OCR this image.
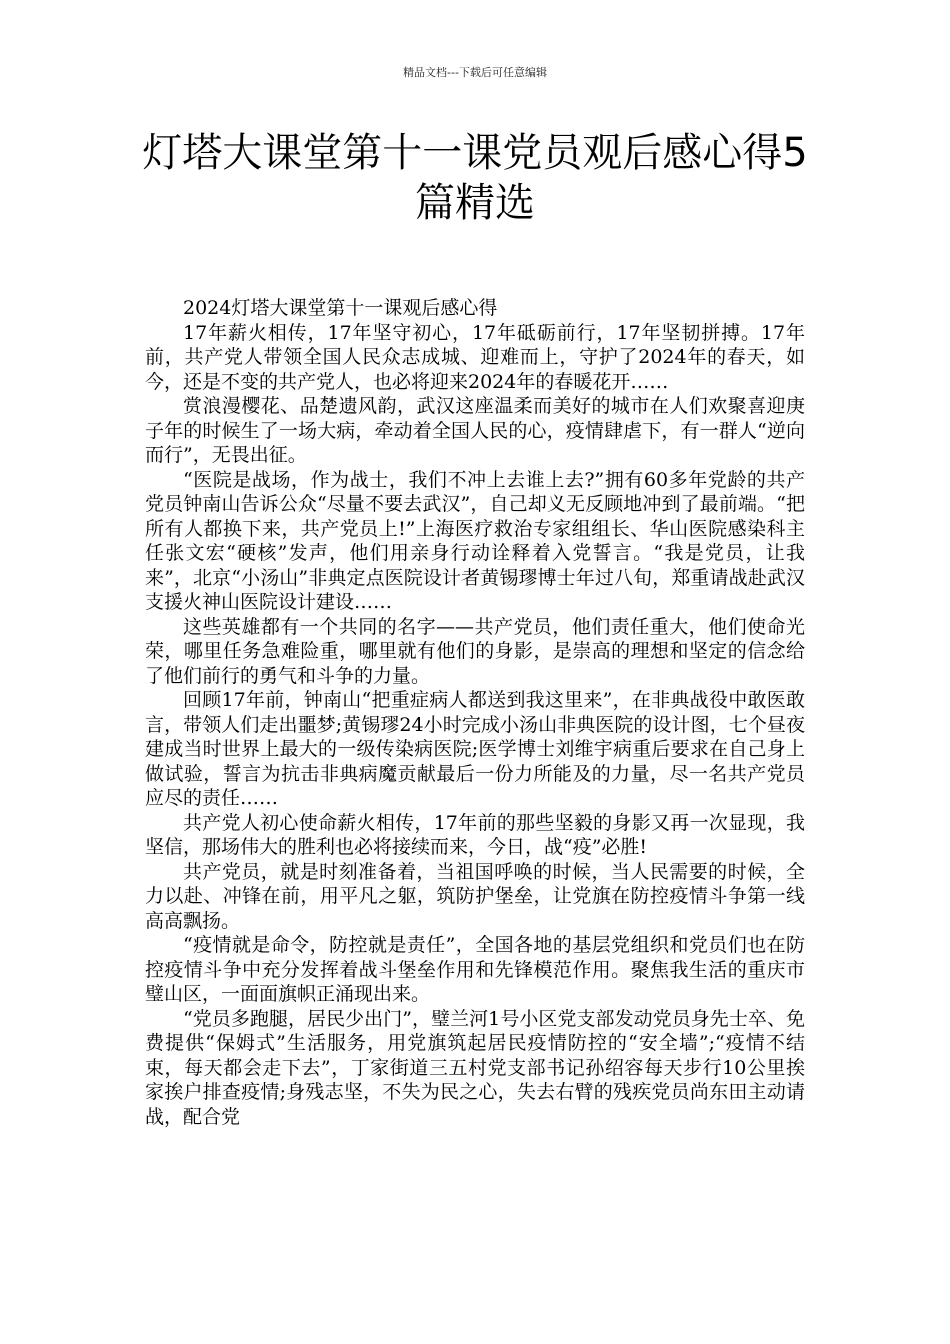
精品文档---下载后可任意编辑
灯塔大课堂第十一课党员观后感心得5篇精选

2024灯塔大课堂第十一课观后感心得

17年薪火相传，17年坚守初心，17年砥砺前行，17年坚韧拼搏。17年前，共产党人带领全国人民众志成城、迎难而上，守护了2024年的春天，如今，还是不变的共产党人，也必将迎来2024年的春暖花开……

赏浪漫樱花、品楚遗风韵，武汉这座温柔而美好的城市在人们欢聚喜迎庚子年的时候生了一场大病，牵动着全国人民的心，疫情肆虐下，有一群人“逆向而行”，无畏出征。

“医院是战场，作为战士，我们不冲上去谁上去?”拥有60多年党龄的共产党员钟南山告诉公众“尽量不要去武汉”，自己却义无反顾地冲到了最前端。“把所有人都换下来，共产党员上!”上海医疗救治专家组组长、华山医院感染科主任张文宏“硬核”发声，他们用亲身行动诠释着入党誓言。“我是党员，让我来”，北京“小汤山”非典定点医院设计者黄锡璆博士年过八旬，郑重请战赴武汉支援火神山医院设计建设……

这些英雄都有一个共同的名字——共产党员，他们责任重大，他们使命光荣，哪里任务急难险重，哪里就有他们的身影，是崇高的理想和坚定的信念给了他们前行的勇气和斗争的力量。

回顾17年前，钟南山“把重症病人都送到我这里来”，在非典战役中敢医敢言，带领人们走出噩梦;黄锡璆24小时完成小汤山非典医院的设计图，七个昼夜建成当时世界上最大的一级传染病医院;医学博士刘维宇病重后要求在自己身上做试验，誓言为抗击非典病魔贡献最后一份力所能及的力量，尽一名共产党员应尽的责任……

共产党人初心使命薪火相传，17年前的那些坚毅的身影又再一次显现，我坚信，那场伟大的胜利也必将接续而来，今日，战“疫”必胜!

共产党员，就是时刻准备着，当祖国呼唤的时候，当人民需要的时候，全力以赴、冲锋在前，用平凡之躯，筑防护堡垒，让党旗在防控疫情斗争第一线高高飘扬。

“疫情就是命令，防控就是责任”，全国各地的基层党组织和党员们也在防控疫情斗争中充分发挥着战斗堡垒作用和先锋模范作用。聚焦我生活的重庆市璧山区，一面面旗帜正涌现出来。

“党员多跑腿，居民少出门”，璧兰河1号小区党支部发动党员身先士卒、免费提供“保姆式”生活服务，用党旗筑起居民疫情防控的“安全墙”;“疫情不结束，每天都会走下去”，丁家街道三五村党支部书记孙绍容每天步行10公里挨家挨户排查疫情;身残志坚，不失为民之心，失去右臂的残疾党员尚东田主动请战，配合党
